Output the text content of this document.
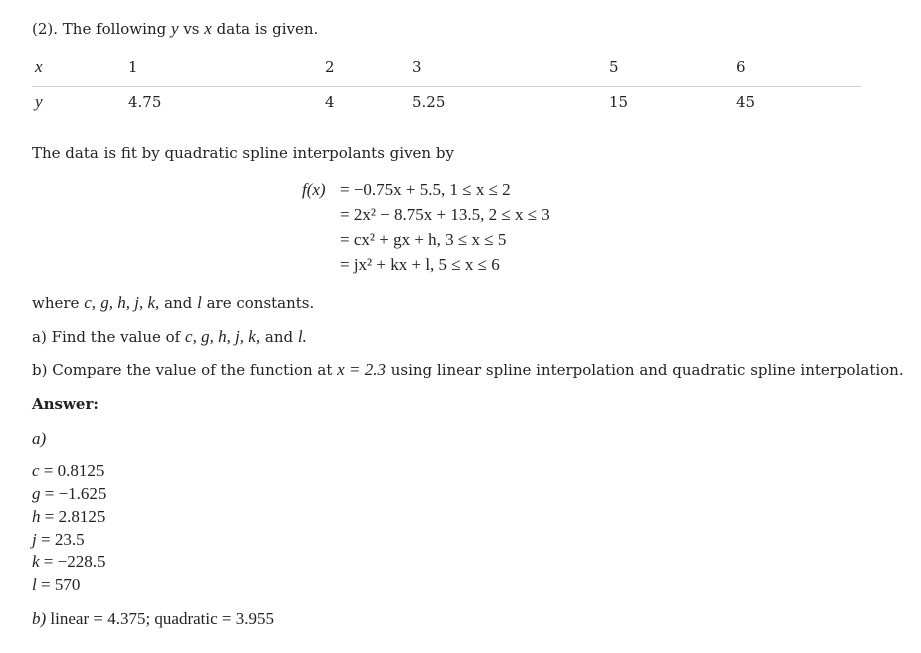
(2). The following y vs x data is given.
x	1	2	3	5	6
y	4.75	4	5.25	15	45
The data is fit by quadratic spline interpolants given by
f(x) = −0.75x + 5.5, 1 ≤ x ≤ 2
= 2x² − 8.75x + 13.5, 2 ≤ x ≤ 3
= cx² + gx + h, 3 ≤ x ≤ 5
= jx² + kx + l, 5 ≤ x ≤ 6
where c, g, h, j, k, and l are constants.
a) Find the value of c, g, h, j, k, and l.
b) Compare the value of the function at x = 2.3 using linear spline interpolation and quadratic spline interpolation.
Answer:
a)
c = 0.8125
g = −1.625
h = 2.8125
j = 23.5
k = −228.5
l = 570
b) linear = 4.375; quadratic = 3.955
